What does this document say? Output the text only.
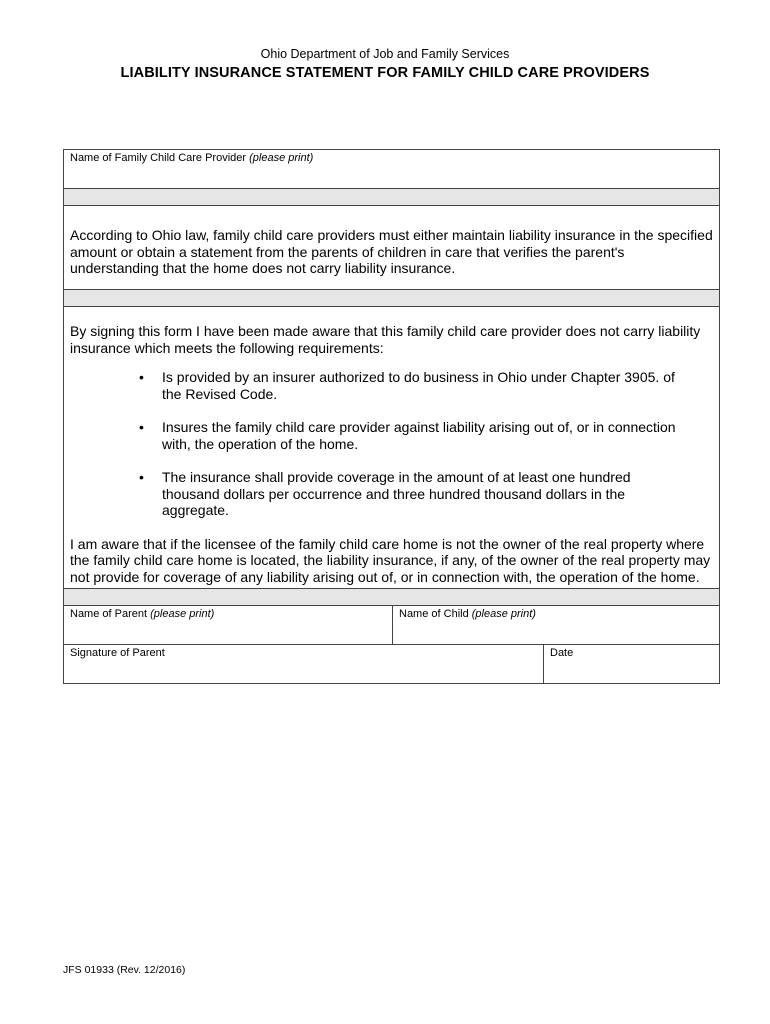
Ohio Department of Job and Family Services
LIABILITY INSURANCE STATEMENT FOR FAMILY CHILD CARE PROVIDERS
Name of Family Child Care Provider (please print)
According to Ohio law, family child care providers must either maintain liability insurance in the specified amount or obtain a statement from the parents of children in care that verifies the parent's understanding that the home does not carry liability insurance.
By signing this form I have been made aware that this family child care provider does not carry liability insurance which meets the following requirements:
• Is provided by an insurer authorized to do business in Ohio under Chapter 3905. of the Revised Code.
• Insures the family child care provider against liability arising out of, or in connection with, the operation of the home.
• The insurance shall provide coverage in the amount of at least one hundred thousand dollars per occurrence and three hundred thousand dollars in the aggregate.
I am aware that if the licensee of the family child care home is not the owner of the real property where the family child care home is located, the liability insurance, if any, of the owner of the real property may not provide for coverage of any liability arising out of, or in connection with, the operation of the home.
Name of Parent (please print)	Name of Child (please print)
Signature of Parent	Date
JFS 01933 (Rev. 12/2016)
